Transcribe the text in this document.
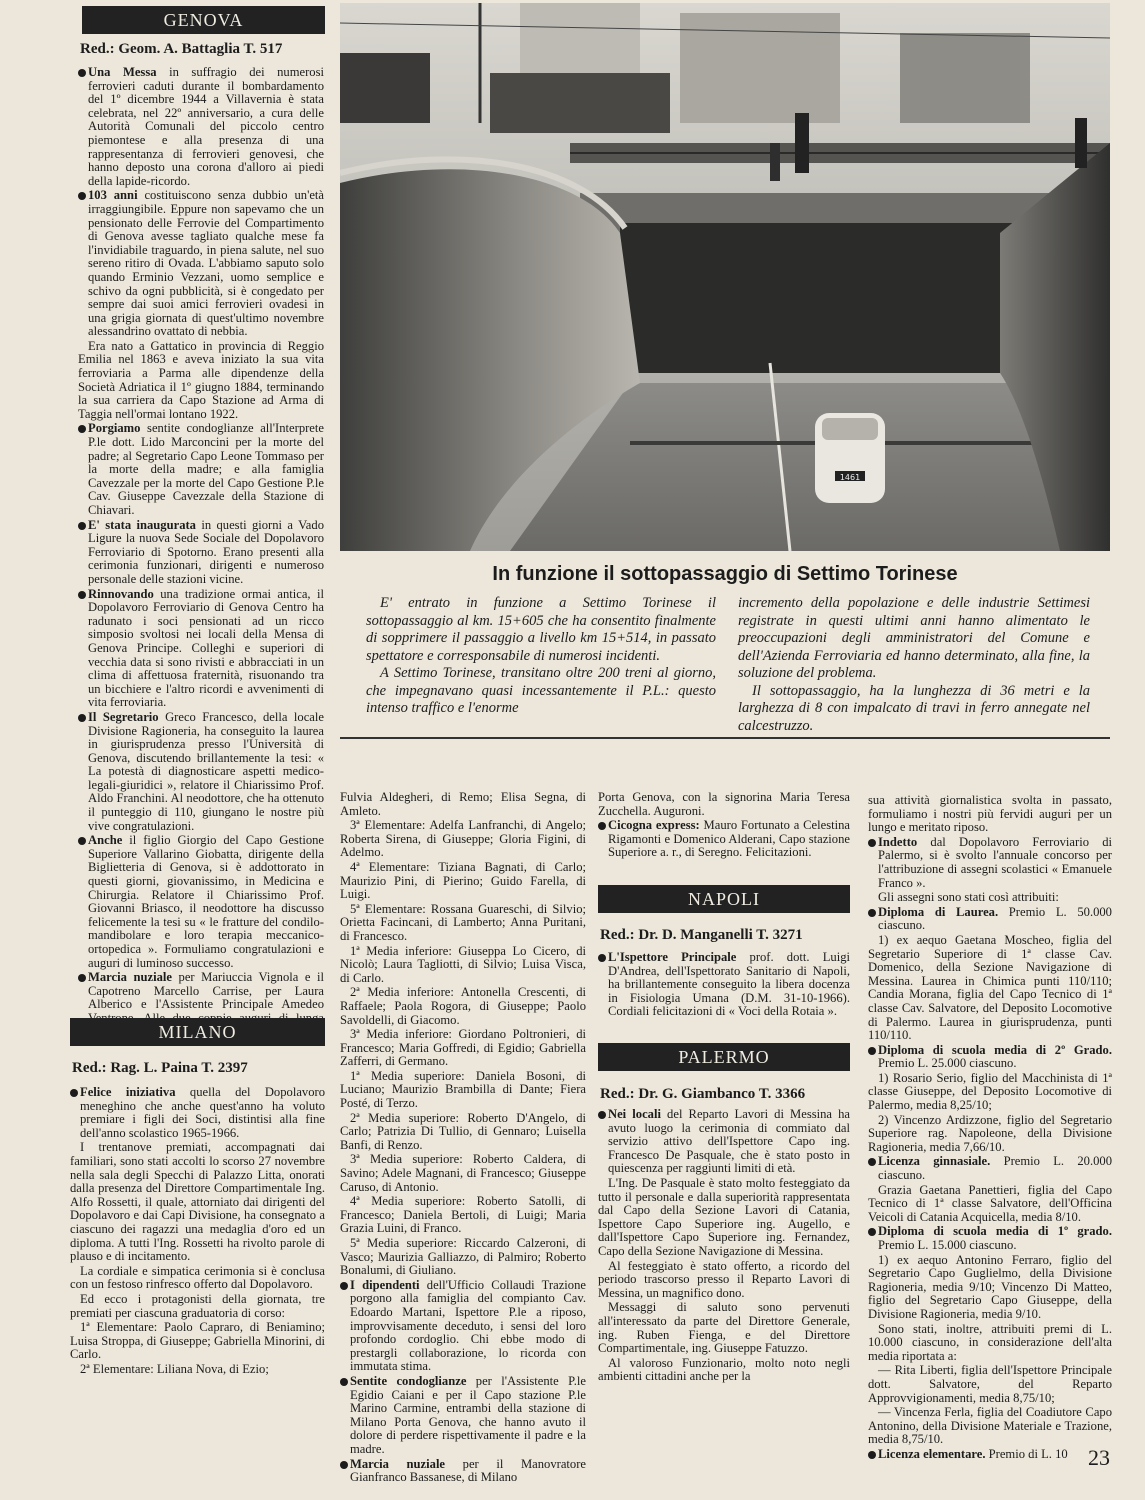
GENOVA
Red.: Geom. A. Battaglia T. 517

Una Messa in suffragio dei numerosi ferrovieri caduti durante il bombardamento del 1º dicembre 1944 a Villavernia è stata celebrata, nel 22º anniversario, a cura delle Autorità Comunali del piccolo centro piemontese e alla presenza di una rappresentanza di ferrovieri genovesi, che hanno deposto una corona d'alloro ai piedi della lapide-ricordo.

103 anni costituiscono senza dubbio un'età irraggiungibile. Eppure non sapevamo che un pensionato delle Ferrovie del Compartimento di Genova avesse tagliato qualche mese fa l'invidiabile traguardo, in piena salute, nel suo sereno ritiro di Ovada. L'abbiamo saputo solo quando Erminio Vezzani, uomo semplice e schivo da ogni pubblicità, si è congedato per sempre dai suoi amici ferrovieri ovadesi in una grigia giornata di quest'ultimo novembre alessandrino ovattato di nebbia.

Era nato a Gattatico in provincia di Reggio Emilia nel 1863 e aveva iniziato la sua vita ferroviaria a Parma alle dipendenze della Società Adriatica il 1º giugno 1884, terminando la sua carriera da Capo Stazione ad Arma di Taggia nell'ormai lontano 1922.

Porgiamo sentite condoglianze all'Interprete P.le dott. Lido Marconcini per la morte del padre; al Segretario Capo Leone Tommaso per la morte della madre; e alla famiglia Cavezzale per la morte del Capo Gestione P.le Cav. Giuseppe Cavezzale della Stazione di Chiavari.

E' stata inaugurata in questi giorni a Vado Ligure la nuova Sede Sociale del Dopolavoro Ferroviario di Spotorno. Erano presenti alla cerimonia funzionari, dirigenti e numeroso personale delle stazioni vicine.

Rinnovando una tradizione ormai antica, il Dopolavoro Ferroviario di Genova Centro ha radunato i soci pensionati ad un ricco simposio svoltosi nei locali della Mensa di Genova Principe. Colleghi e superiori di vecchia data si sono rivisti e abbracciati in un clima di affettuosa fraternità, risuonando tra un bicchiere e l'altro ricordi e avvenimenti di vita ferroviaria.

Il Segretario Greco Francesco, della locale Divisione Ragioneria, ha conseguito la laurea in giurisprudenza presso l'Università di Genova, discutendo brillantemente la tesi: « La potestà di diagnosticare aspetti medico-legali-giuridici », relatore il Chiarissimo Prof. Aldo Franchini. Al neodottore, che ha ottenuto il punteggio di 110, giungano le nostre più vive congratulazioni.

Anche il figlio Giorgio del Capo Gestione Superiore Vallarino Giobatta, dirigente della Biglietteria di Genova, si è addottorato in questi giorni, giovanissimo, in Medicina e Chirurgia. Relatore il Chiarissimo Prof. Giovanni Briasco, il neodottore ha discusso felicemente la tesi su « le fratture del condilo-mandibolare e loro terapia meccanico-ortopedica ». Formuliamo congratulazioni e auguri di luminoso successo.

Marcia nuziale per Mariuccia Vignola e il Capotreno Marcello Carrise, per Laura Alberico e l'Assistente Principale Amedeo

1461
In funzione il sottopassaggio di Settimo Torinese

E' entrato in funzione a Settimo Torinese il sottopassaggio al km. 15+605 che ha consentito finalmente di sopprimere il passaggio a livello km 15+514, in passato spettatore e corresponsabile di numerosi incidenti.

A Settimo Torinese, transitano oltre 200 treni al giorno, che impegnavano quasi incessantemente il P.L.: questo intenso traffico e l'enorme

incremento della popolazione e delle industrie Settimesi registrate in questi ultimi anni hanno alimentato le preoccupazioni degli amministratori del Comune e dell'Azienda Ferroviaria ed hanno determinato, alla fine, la soluzione del problema.

Il sottopassaggio, ha la lunghezza di 36 metri e la larghezza di 8 con impalcato di travi in ferro annegate nel calcestruzzo.

MILANO
Red.: Rag. L. Paina T. 2397

Felice iniziativa quella del Dopolavoro meneghino che anche quest'anno ha voluto premiare i figli dei Soci, distintisi alla fine dell'anno scolastico 1965-1966.

I trentanove premiati, accompagnati dai familiari, sono stati accolti lo scorso 27 novembre nella sala degli Specchi di Palazzo Litta, onorati dalla presenza del Direttore Compartimentale Ing. Alfo Rossetti, il quale, attorniato dai dirigenti del Dopolavoro e dai Capi Divisione, ha consegnato a ciascuno dei ragazzi una medaglia d'oro ed un diploma. A tutti l'Ing. Rossetti ha rivolto parole di plauso e di incitamento.

La cordiale e simpatica cerimonia si è conclusa con un festoso rinfresco offerto dal Dopolavoro.

Ed ecco i protagonisti della giornata, tre premiati per ciascuna graduatoria di corso:

1ª Elementare: Paolo Capraro, di Beniamino; Luisa Stroppa, di Giuseppe; Gabriella Minorini, di Carlo.

2ª Elementare: Liliana Nova, di Ezio;

Fulvia Aldegheri, di Remo; Elisa Segna, di Amleto.

3ª Elementare: Adelfa Lanfranchi, di Angelo; Roberta Sirena, di Giuseppe; Gloria Figini, di Adelmo.

4ª Elementare: Tiziana Bagnati, di Carlo; Maurizio Pini, di Pierino; Guido Farella, di Luigi.

5ª Elementare: Rossana Guareschi, di Silvio; Orietta Facincani, di Lamberto; Anna Puritani, di Francesco.

1ª Media inferiore: Giuseppa Lo Cicero, di Nicolò; Laura Tagliotti, di Silvio; Luisa Visca, di Carlo.

2ª Media inferiore: Antonella Crescenti, di Raffaele; Paola Rogora, di Giuseppe; Paolo Savoldelli, di Giacomo.

3ª Media inferiore: Giordano Poltronieri, di Francesco; Maria Goffredi, di Egidio; Gabriella Zafferri, di Germano.

1ª Media superiore: Daniela Bosoni, di Luciano; Maurizio Brambilla di Dante; Fiera Posté, di Terzo.

2ª Media superiore: Roberto D'Angelo, di Carlo; Patrizia Di Tullio, di Gennaro; Luisella Banfi, di Renzo.

3ª Media superiore: Roberto Caldera, di Savino; Adele Magnani, di Francesco; Giuseppe Caruso, di Antonio.

4ª Media superiore: Roberto Satolli, di Francesco; Daniela Bertoli, di Luigi; Maria Grazia Luini, di Franco.

5ª Media superiore: Riccardo Calzeroni, di Vasco; Maurizia Galliazzo, di Palmiro; Roberto Bonalumi, di Giuliano.

I dipendenti dell'Ufficio Collaudi Trazione porgono alla famiglia del compianto Cav. Edoardo Martani, Ispettore P.le a riposo, improvvisamente deceduto, i sensi del loro profondo cordoglio. Chi ebbe modo di prestargli collaborazione, lo ricorda con immutata stima.

Sentite condoglianze per l'Assistente P.le Egidio Caiani e per il Capo stazione P.le Marino Carmine, entrambi della stazione di Milano Porta Genova, che hanno avuto il dolore di perdere rispettivamente il padre e la madre.

Marcia nuziale per il Manovratore Gianfranco Bassanese, di Milano

Porta Genova, con la signorina Maria Teresa Zucchella. Auguroni.

Cicogna express: Mauro Fortunato a Celestina Rigamonti e Domenico Alderani, Capo stazione Superiore a. r., di Seregno. Felicitazioni.

NAPOLI
Red.: Dr. D. Manganelli T. 3271

L'Ispettore Principale prof. dott. Luigi D'Andrea, dell'Ispettorato Sanitario di Napoli, ha brillantemente conseguito la libera docenza in Fisiologia Umana (D.M. 31-10-1966). Cordiali felicitazioni di « Voci della Rotaia ».

PALERMO
Red.: Dr. G. Giambanco T. 3366

Nei locali del Reparto Lavori di Messina ha avuto luogo la cerimonia di commiato dal servizio attivo dell'Ispettore Capo ing. Francesco De Pasquale, che è stato posto in quiescenza per raggiunti limiti di età.

L'Ing. De Pasquale è stato molto festeggiato da tutto il personale e dalla superiorità rappresentata dal Capo della Sezione Lavori di Catania, Ispettore Capo Superiore ing. Augello, e dall'Ispettore Capo Superiore ing. Fernandez, Capo della Sezione Navigazione di Messina.

Al festeggiato è stato offerto, a ricordo del periodo trascorso presso il Reparto Lavori di Messina, un magnifico dono.

Messaggi di saluto sono pervenuti all'interessato da parte del Direttore Generale, ing. Ruben Fienga, e del Direttore Compartimentale, ing. Giuseppe Fatuzzo.

Al valoroso Funzionario, molto noto negli ambienti cittadini anche per la

sua attività giornalistica svolta in passato, formuliamo i nostri più fervidi auguri per un lungo e meritato riposo.

Indetto dal Dopolavoro Ferroviario di Palermo, si è svolto l'annuale concorso per l'attribuzione di assegni scolastici « Emanuele Franco ».

Gli assegni sono stati così attribuiti:

Diploma di Laurea. Premio L. 50.000 ciascuno.

1) ex aequo Gaetana Moscheo, figlia del Segretario Superiore di 1ª classe Cav. Domenico, della Sezione Navigazione di Messina. Laurea in Chimica punti 110/110; Candia Morana, figlia del Capo Tecnico di 1ª classe Cav. Salvatore, del Deposito Locomotive di Palermo. Laurea in giurisprudenza, punti 110/110.

Diploma di scuola media di 2º Grado. Premio L. 25.000 ciascuno.

1) Rosario Serio, figlio del Macchinista di 1ª classe Giuseppe, del Deposito Locomotive di Palermo, media 8,25/10;

2) Vincenzo Ardizzone, figlio del Segretario Superiore rag. Napoleone, della Divisione Ragioneria, media 7,66/10.

Licenza ginnasiale. Premio L. 20.000 ciascuno.

Grazia Gaetana Panettieri, figlia del Capo Tecnico di 1ª classe Salvatore, dell'Officina Veicoli di Catania Acquicella, media 8/10.

Diploma di scuola media di 1º grado. Premio L. 15.000 ciascuno.

1) ex aequo Antonino Ferraro, figlio del Segretario Capo Guglielmo, della Divisione Ragioneria, media 9/10; Vincenzo Di Matteo, figlio del Segretario Capo Giuseppe, della Divisione Ragioneria, media 9/10.

Sono stati, inoltre, attribuiti premi di L. 10.000 ciascuno, in considerazione dell'alta media riportata a:

— Rita Liberti, figlia dell'Ispettore Principale dott. Salvatore, del Reparto Approvvigionamenti, media 8,75/10;

— Vincenza Ferla, figlia del Coadiutore Capo Antonino, della Divisione Materiale e Trazione, media 8,75/10.

Licenza elementare. Premio di L. 10 23
